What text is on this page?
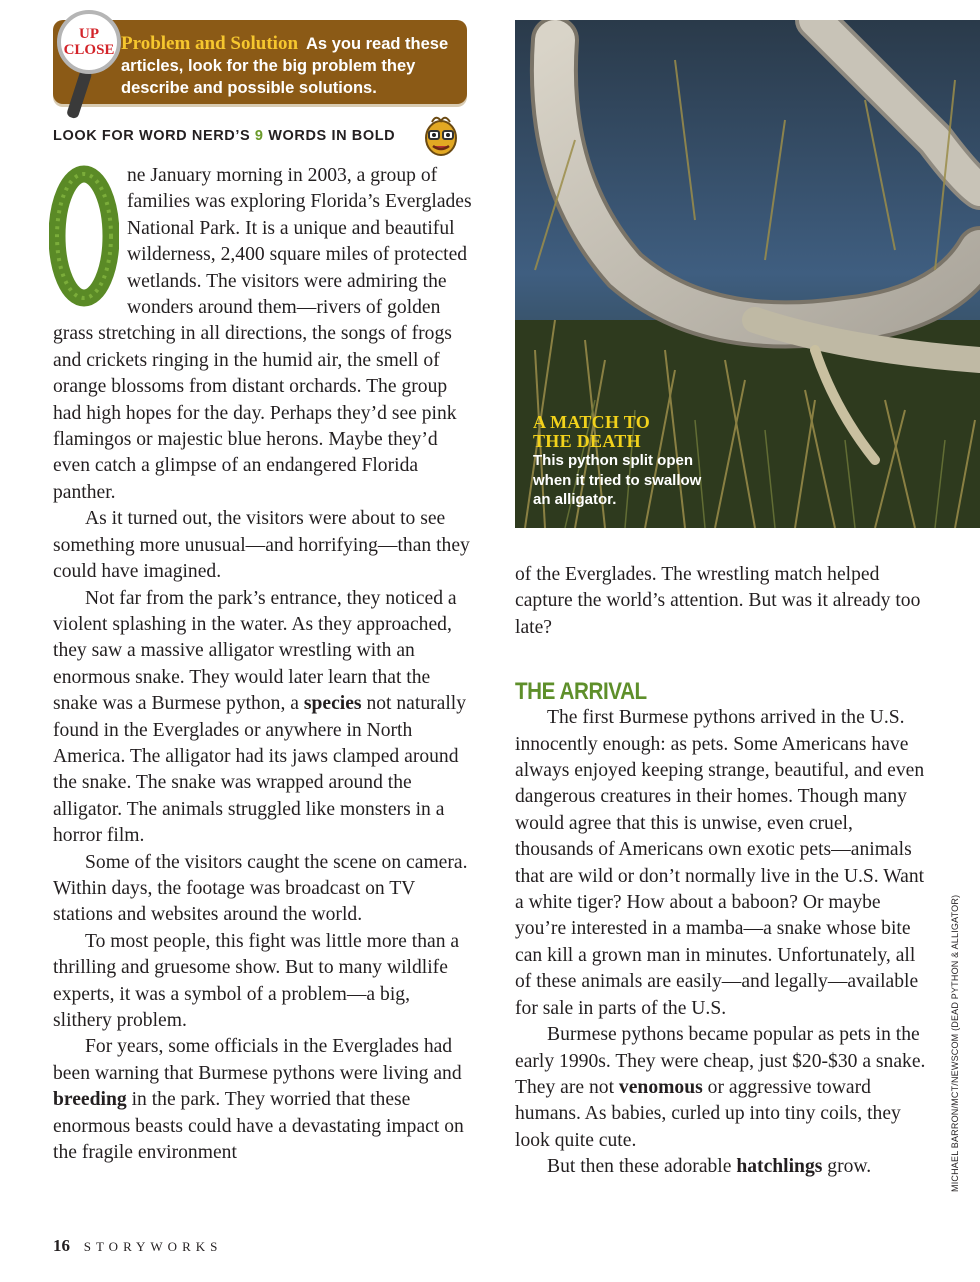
Problem and Solution As you read these articles, look for the big problem they describe and possible solutions.
UP
CLOSE
LOOK FOR WORD NERD’S 9 WORDS IN BOLD

ne January morning in 2003, a group of families was exploring Florida’s Everglades National Park. It is a unique and beautiful wilderness, 2,400 square miles of protected wetlands. The visitors were admiring the wonders around them—rivers of golden grass stretching in all directions, the songs of frogs and crickets ringing in the humid air, the smell of orange blossoms from distant orchards. The group had high hopes for the day. Perhaps they’d see pink flamingos or majestic blue herons. Maybe they’d even catch a glimpse of an endangered Florida panther.

As it turned out, the visitors were about to see something more unusual—and horrifying—than they could have imagined.

Not far from the park’s entrance, they noticed a violent splashing in the water. As they approached, they saw a massive alligator wrestling with an enormous snake. They would later learn that the snake was a Burmese python, a species not naturally found in the Everglades or anywhere in North America. The alligator had its jaws clamped around the snake. The snake was wrapped around the alligator. The animals struggled like monsters in a horror film.

Some of the visitors caught the scene on camera. Within days, the footage was broadcast on TV stations and websites around the world.

To most people, this fight was little more than a thrilling and gruesome show. But to many wildlife experts, it was a symbol of a problem—a big, slithery problem.

For years, some officials in the Everglades had been warning that Burmese pythons were living and breeding in the park. They worried that these enormous beasts could have a devastating impact on the fragile environment

A MATCH TO
THE DEATH
This python split open when it tried to swallow an alligator.

of the Everglades. The wrestling match helped capture the world’s attention. But was it already too late?

THE ARRIVAL

The first Burmese pythons arrived in the U.S. innocently enough: as pets. Some Americans have always enjoyed keeping strange, beautiful, and even dangerous creatures in their homes. Though many would agree that this is unwise, even cruel, thousands of Americans own exotic pets—animals that are wild or don’t normally live in the U.S. Want a white tiger? How about a baboon? Or maybe you’re interested in a mamba—a snake whose bite can kill a grown man in minutes. Unfortunately, all of these animals are easily—and legally—available for sale in parts of the U.S.

Burmese pythons became popular as pets in the early 1990s. They were cheap, just $20-$30 a snake. They are not venomous or aggressive toward humans. As babies, curled up into tiny coils, they look quite cute.

But then these adorable hatchlings grow.	MICHAEL BARRON/MCT/NEWSCOM (DEAD PYTHON & ALLIGATOR)
16 STORYWORKS
